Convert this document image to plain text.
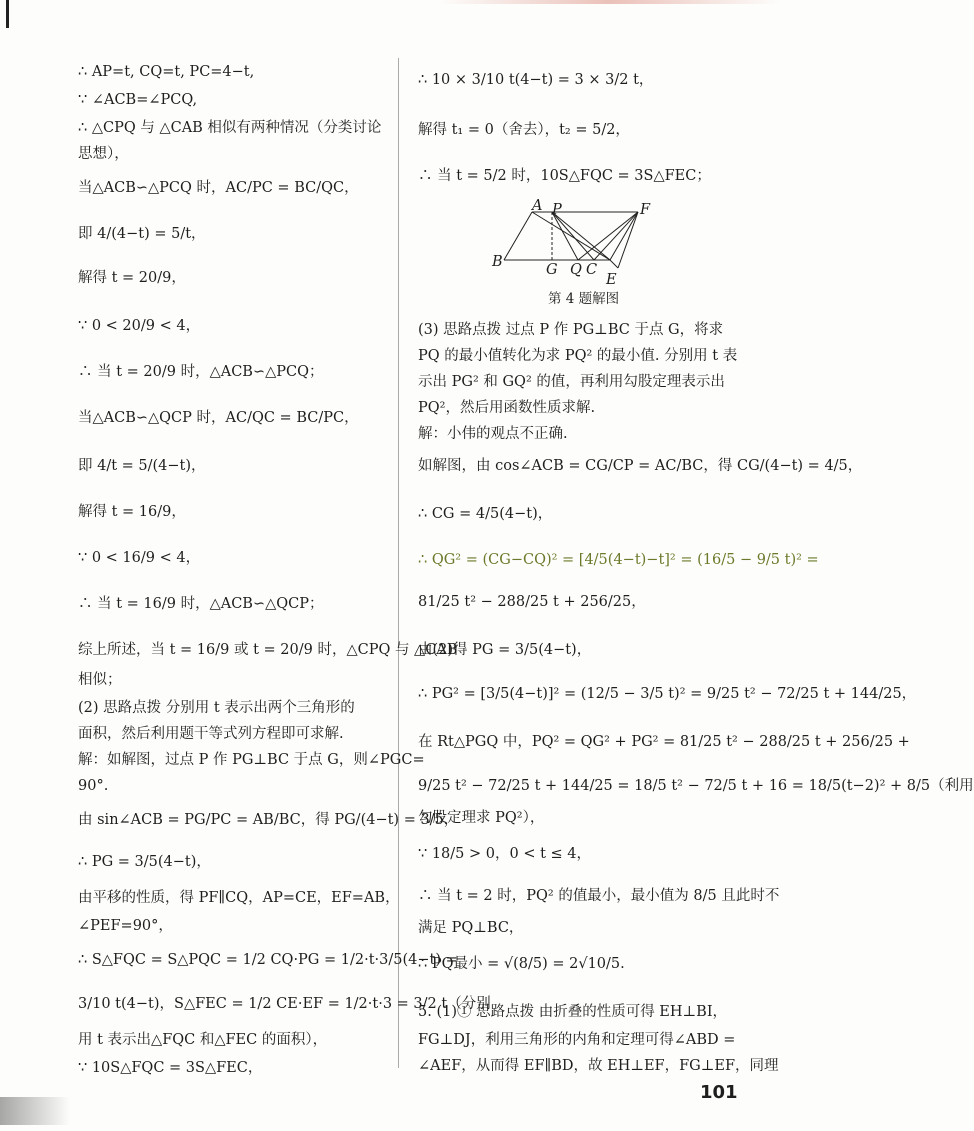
∴ AP=t, CQ=t, PC=4−t,
∵ ∠ACB=∠PCQ,
∴ △CPQ 与 △CAB 相似有两种情况（分类讨论
思想），
当△ACB∽△PCQ 时，AC/PC = BC/QC，
即 4/(4−t) = 5/t，
解得 t = 20/9，
∵ 0 < 20/9 < 4，
∴ 当 t = 20/9 时，△ACB∽△PCQ；
当△ACB∽△QCP 时，AC/QC = BC/PC，
即 4/t = 5/(4−t)，
解得 t = 16/9，
∵ 0 < 16/9 < 4，
∴ 当 t = 16/9 时，△ACB∽△QCP；
综上所述，当 t = 16/9 或 t = 20/9 时，△CPQ 与 △CAB
相似；
(2) 思路点拨 分别用 t 表示出两个三角形的
面积，然后利用题干等式列方程即可求解.
解：如解图，过点 P 作 PG⊥BC 于点 G，则∠PGC=
90°.
由 sin∠ACB = PG/PC = AB/BC，得 PG/(4−t) = 3/5，
∴ PG = 3/5(4−t)，
由平移的性质，得 PF∥CQ，AP=CE，EF=AB，
∠PEF=90°，
∴ S△FQC = S△PQC = 1/2 CQ·PG = 1/2·t·3/5(4−t) =
3/10 t(4−t)，S△FEC = 1/2 CE·EF = 1/2·t·3 = 3/2 t（分别
用 t 表示出△FQC 和△FEC 的面积），
∵ 10S△FQC = 3S△FEC，
∴ 10 × 3/10 t(4−t) = 3 × 3/2 t，
解得 t₁ = 0（舍去），t₂ = 5/2，
∴ 当 t = 5/2 时，10S△FQC = 3S△FEC；
A P	F
B	G Q C
E
第 4 题解图
(3) 思路点拨 过点 P 作 PG⊥BC 于点 G，将求
PQ 的最小值转化为求 PQ² 的最小值. 分别用 t 表
示出 PG² 和 GQ² 的值，再利用勾股定理表示出
PQ²，然后用函数性质求解.
解：小伟的观点不正确.
如解图，由 cos∠ACB = CG/CP = AC/BC，得 CG/(4−t) = 4/5，
∴ CG = 4/5(4−t)，
∴ QG² = (CG−CQ)² = [4/5(4−t)−t]² = (16/5 − 9/5 t)² =
81/25 t² − 288/25 t + 256/25，
由(2)得 PG = 3/5(4−t)，
∴ PG² = [3/5(4−t)]² = (12/5 − 3/5 t)² = 9/25 t² − 72/25 t + 144/25，
在 Rt△PGQ 中，PQ² = QG² + PG² = 81/25 t² − 288/25 t + 256/25 +
9/25 t² − 72/25 t + 144/25 = 18/5 t² − 72/5 t + 16 = 18/5(t−2)² + 8/5（利用
勾股定理求 PQ²），
∵ 18/5 > 0，0 < t ≤ 4，
∴ 当 t = 2 时，PQ² 的值最小，最小值为 8/5 且此时不
满足 PQ⊥BC，
∴ PQ最小 = √(8/5) = 2√10/5.
5. (1)① 思路点拨 由折叠的性质可得 EH⊥BI，
FG⊥DJ，利用三角形的内角和定理可得∠ABD =
∠AEF，从而得 EF∥BD，故 EH⊥EF，FG⊥EF，同理
101
